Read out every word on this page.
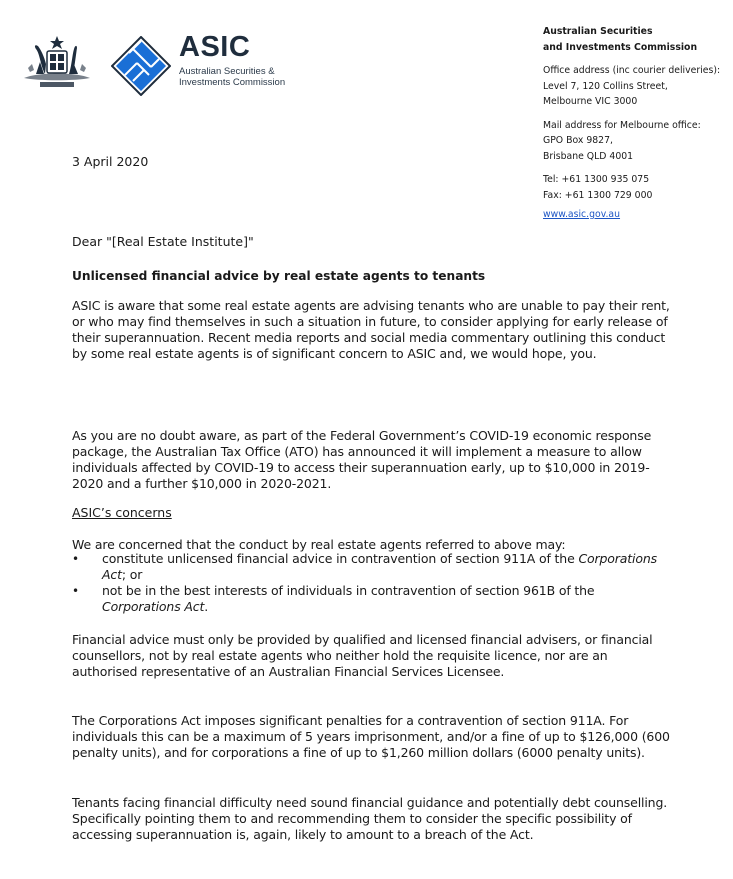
ASIC
Australian Securities &
Investments Commission
Australian Securities
and Investments Commission
Office address (inc courier deliveries):
Level 7, 120 Collins Street,
Melbourne VIC 3000
Mail address for Melbourne office:
GPO Box 9827,
Brisbane QLD 4001
Tel: +61 1300 935 075
Fax: +61 1300 729 000
www.asic.gov.au
3 April 2020
Dear "[Real Estate Institute]"
Unlicensed financial advice by real estate agents to tenants
ASIC is aware that some real estate agents are advising tenants who are unable to pay their rent, or who may find themselves in such a situation in future, to consider applying for early release of their superannuation. Recent media reports and social media commentary outlining this conduct by some real estate agents is of significant concern to ASIC and, we would hope, you.
As you are no doubt aware, as part of the Federal Government’s COVID-19 economic response package, the Australian Tax Office (ATO) has announced it will implement a measure to allow individuals affected by COVID-19 to access their superannuation early, up to $10,000 in 2019-2020 and a further $10,000 in 2020-2021.
ASIC’s concerns
We are concerned that the conduct by real estate agents referred to above may:
•	constitute unlicensed financial advice in contravention of section 911A of the Corporations Act; or
•	not be in the best interests of individuals in contravention of section 961B of the Corporations Act.
Financial advice must only be provided by qualified and licensed financial advisers, or financial counsellors, not by real estate agents who neither hold the requisite licence, nor are an authorised representative of an Australian Financial Services Licensee.
The Corporations Act imposes significant penalties for a contravention of section 911A. For individuals this can be a maximum of 5 years imprisonment, and/or a fine of up to $126,000 (600 penalty units), and for corporations a fine of up to $1,260 million dollars (6000 penalty units).
Tenants facing financial difficulty need sound financial guidance and potentially debt counselling. Specifically pointing them to and recommending them to consider the specific possibility of accessing superannuation is, again, likely to amount to a breach of the Act.
